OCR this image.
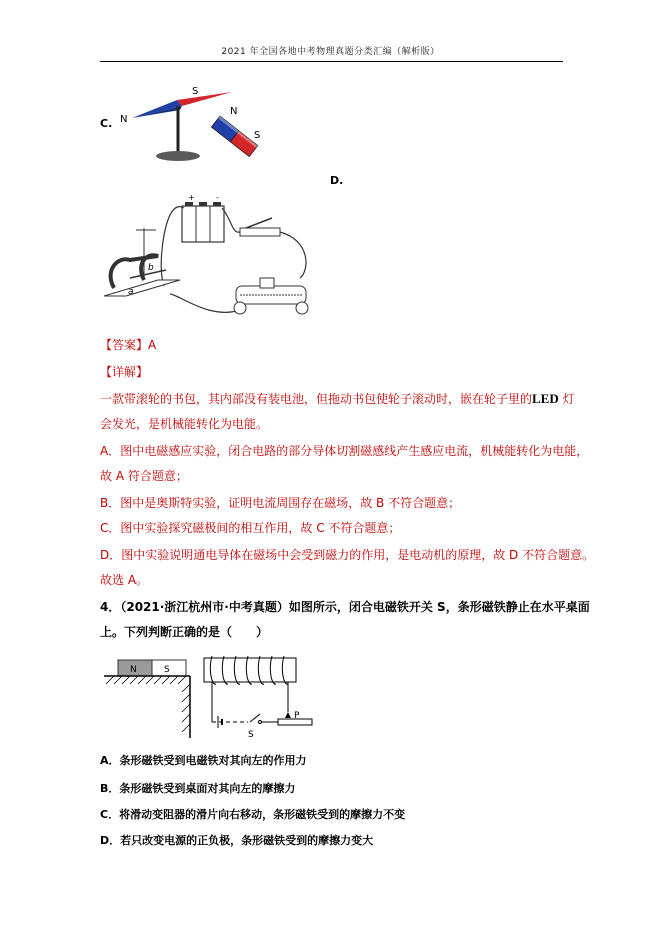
2021 年全国各地中考物理真题分类汇编（解析版）
C. N
S
N
S
D.
+	-
a
b
【答案】A
【详解】
一款带滚轮的书包，其内部没有装电池，但拖动书包使轮子滚动时，嵌在轮子里的LED 灯
会发光，是机械能转化为电能。
A．图中电磁感应实验，闭合电路的部分导体切割磁感线产生感应电流，机械能转化为电能，
故 A 符合题意；
B．图中是奥斯特实验，证明电流周围存在磁场，故 B 不符合题意；
C．图中实验探究磁极间的相互作用，故 C 不符合题意；
D．图中实验说明通电导体在磁场中会受到磁力的作用，是电动机的原理，故 D 不符合题意。
故选 A。
4．（2021·浙江杭州市·中考真题）如图所示，闭合电磁铁开关 S，条形磁铁静止在水平桌面
上。下列判断正确的是（　　）
N	S
S
P
A．条形磁铁受到电磁铁对其向左的作用力
B．条形磁铁受到桌面对其向左的摩擦力
C．将滑动变阻器的滑片向右移动，条形磁铁受到的摩擦力不变
D．若只改变电源的正负极，条形磁铁受到的摩擦力变大
